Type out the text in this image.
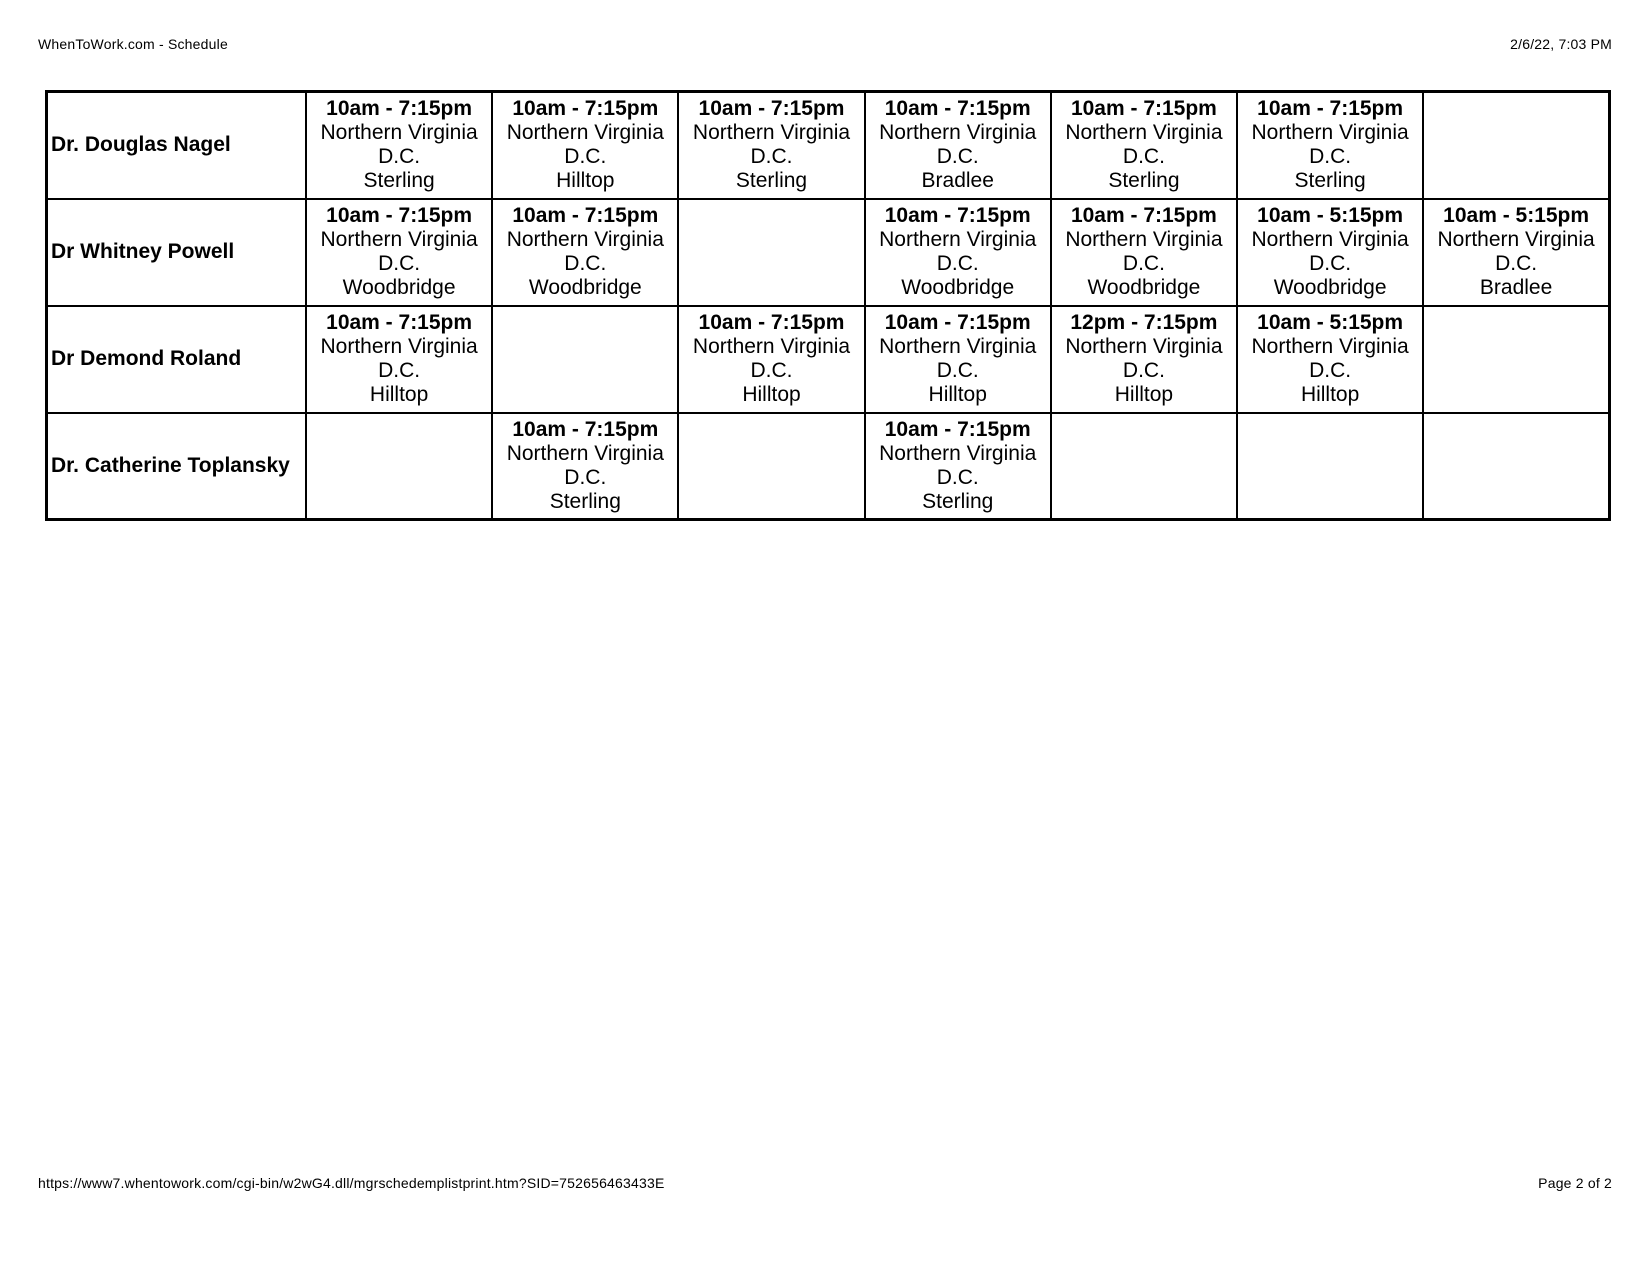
WhenToWork.com - Schedule	2/6/22, 7:03 PM
Dr. Douglas Nagel	10am - 7:15pm
Northern Virginia
D.C.
Sterling	10am - 7:15pm
Northern Virginia
D.C.
Hilltop	10am - 7:15pm
Northern Virginia
D.C.
Sterling	10am - 7:15pm
Northern Virginia
D.C.
Bradlee	10am - 7:15pm
Northern Virginia
D.C.
Sterling	10am - 7:15pm
Northern Virginia
D.C.
Sterling	

Dr Whitney Powell	10am - 7:15pm
Northern Virginia
D.C.
Woodbridge	10am - 7:15pm
Northern Virginia
D.C.
Woodbridge		10am - 7:15pm
Northern Virginia
D.C.
Woodbridge	10am - 7:15pm
Northern Virginia
D.C.
Woodbridge	10am - 5:15pm
Northern Virginia
D.C.
Woodbridge	10am - 5:15pm
Northern Virginia
D.C.
Bradlee

Dr Demond Roland	10am - 7:15pm
Northern Virginia
D.C.
Hilltop		10am - 7:15pm
Northern Virginia
D.C.
Hilltop	10am - 7:15pm
Northern Virginia
D.C.
Hilltop	12pm - 7:15pm
Northern Virginia
D.C.
Hilltop	10am - 5:15pm
Northern Virginia
D.C.
Hilltop	

Dr. Catherine Toplansky		10am - 7:15pm
Northern Virginia
D.C.
Sterling		10am - 7:15pm
Northern Virginia
D.C.
Sterling			

https://www7.whentowork.com/cgi-bin/w2wG4.dll/mgrschedemplistprint.htm?SID=752656463433E	Page 2 of 2
